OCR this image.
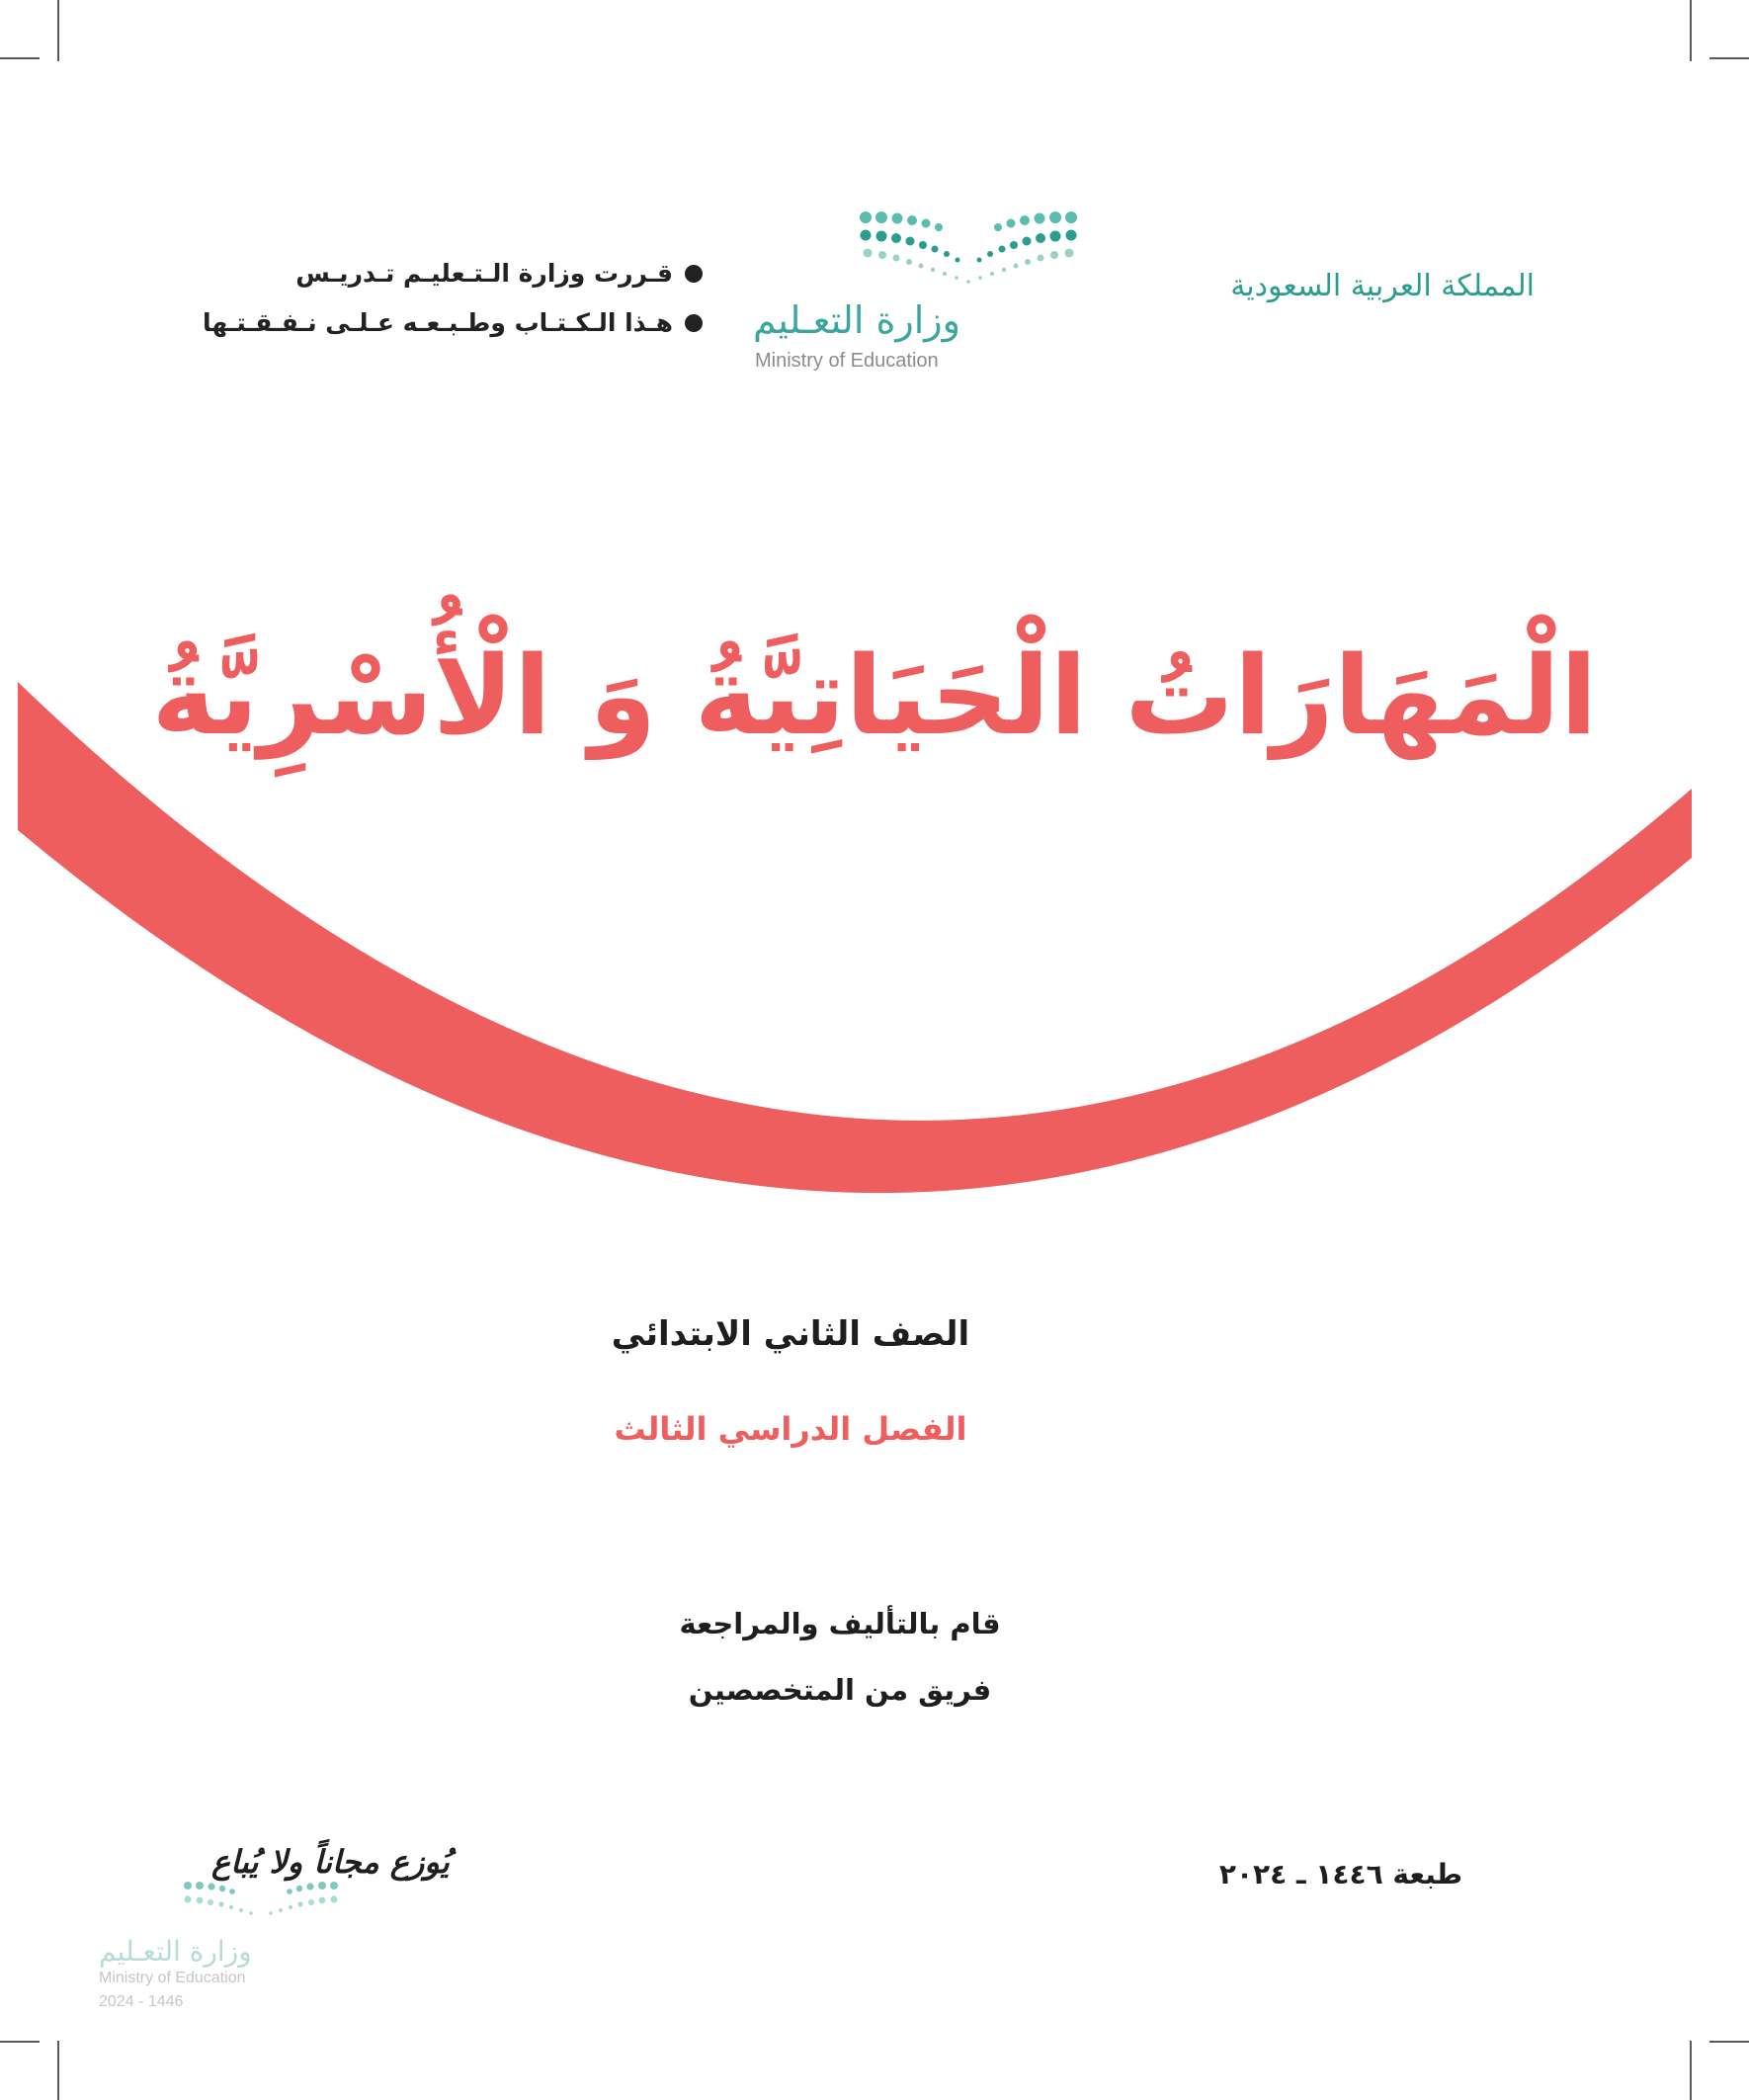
المملكة العربية السعودية
وزارة التعـليم
Ministry of Education
قـررت وزارة الـتـعليـم تـدريـس
هـذا الـكـتـاب وطـبـعـه عـلـى نـفـقـتـها
الْمَهَارَاتُ الْحَيَاتِيَّةُ وَ الْأُسْرِيَّةُ
الصف الثاني الابتدائي
الفصل الدراسي الثالث
قام بالتأليف والمراجعة
فريق من المتخصصين
طبعة ١٤٤٦ ـ ٢٠٢٤
يُوزع مجاناً ولا يُباع
وزارة التعـليم
Ministry of Education
2024 - 1446
